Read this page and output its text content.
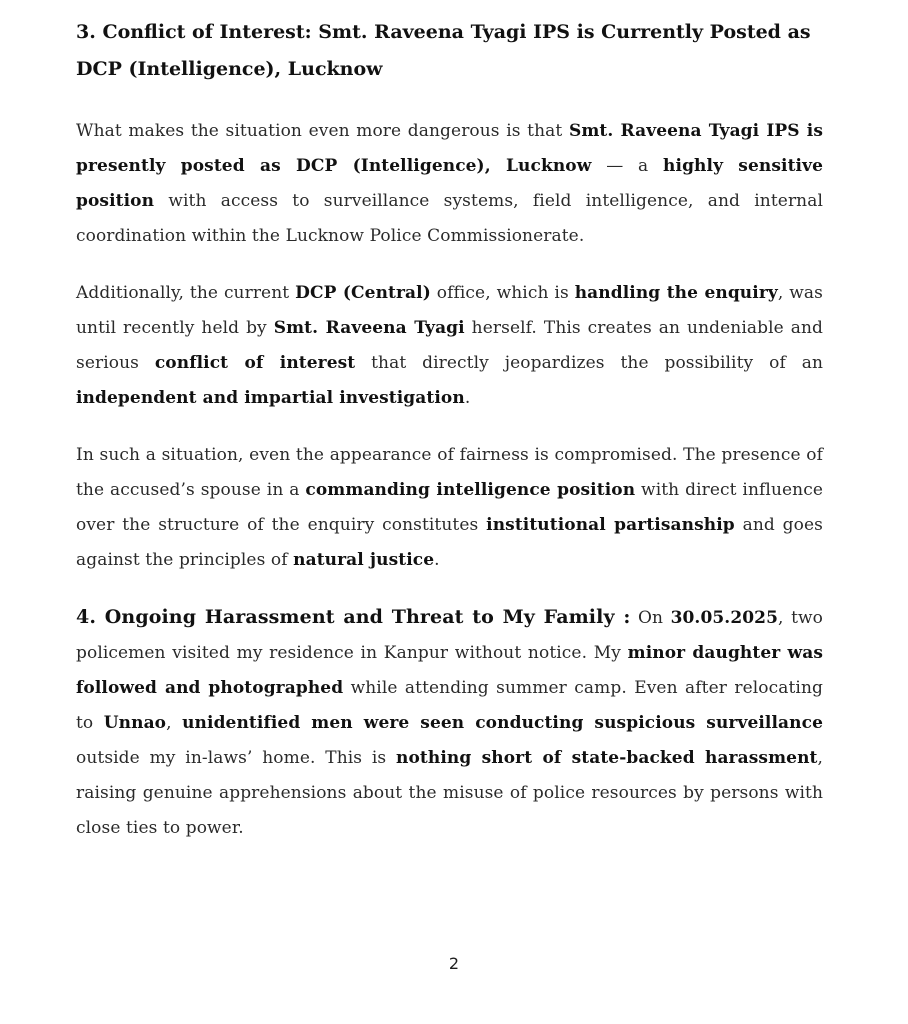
3. Conflict of Interest: Smt. Raveena Tyagi IPS is Currently Posted as DCP (Intelligence), Lucknow

What makes the situation even more dangerous is that Smt. Raveena Tyagi IPS is presently posted as DCP (Intelligence), Lucknow — a highly sensitive position with access to surveillance systems, field intelligence, and internal coordination within the Lucknow Police Commissionerate.

Additionally, the current DCP (Central) office, which is handling the enquiry, was until recently held by Smt. Raveena Tyagi herself. This creates an undeniable and serious conflict of interest that directly jeopardizes the possibility of an independent and impartial investigation.

In such a situation, even the appearance of fairness is compromised. The presence of the accused’s spouse in a commanding intelligence position with direct influence over the structure of the enquiry constitutes institutional partisanship and goes against the principles of natural justice.

4. Ongoing Harassment and Threat to My Family : On 30.05.2025, two policemen visited my residence in Kanpur without notice. My minor daughter was followed and photographed while attending summer camp. Even after relocating to Unnao, unidentified men were seen conducting suspicious surveillance outside my in-laws’ home. This is nothing short of state-backed harassment, raising genuine apprehensions about the misuse of police resources by persons with close ties to power.

2
